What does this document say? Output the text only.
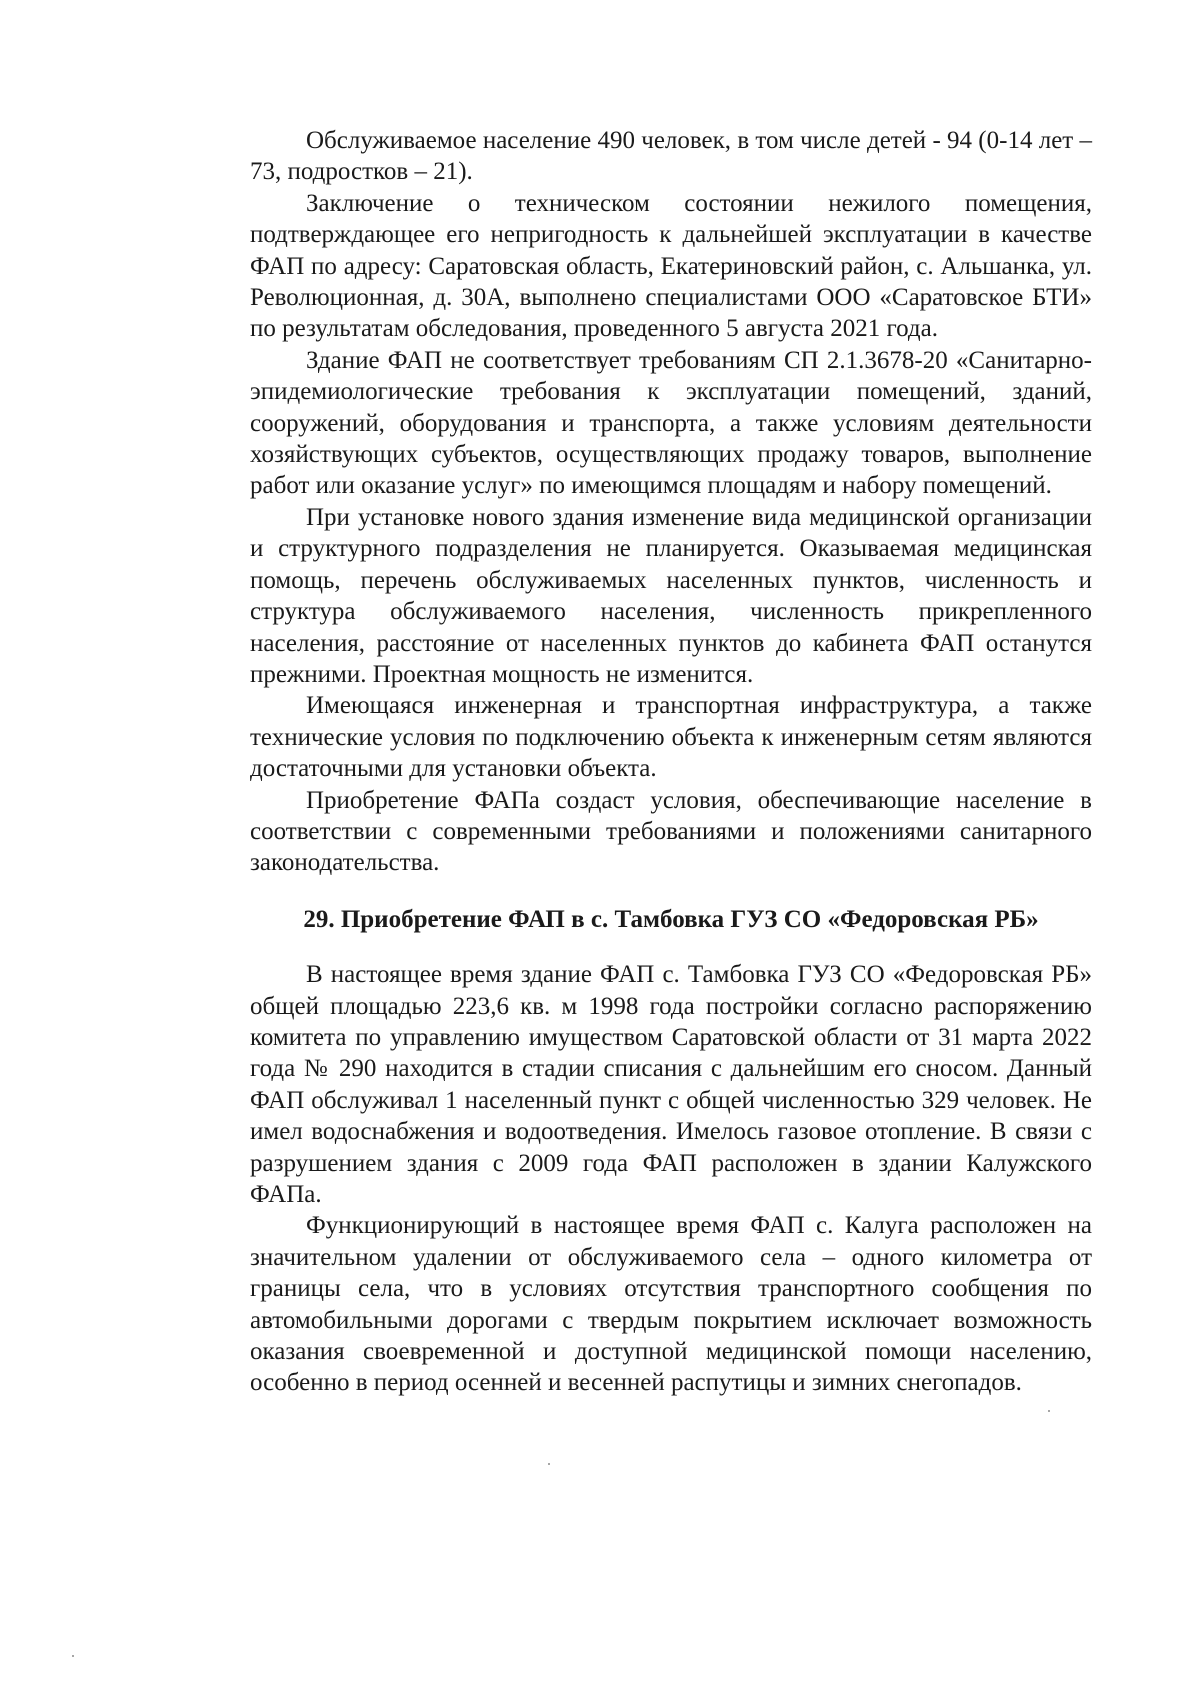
Обслуживаемое население 490 человек, в том числе детей - 94 (0-14 лет – 73, подростков – 21).

Заключение о техническом состоянии нежилого помещения, подтверждающее его непригодность к дальнейшей эксплуатации в качестве ФАП по адресу: Саратовская область, Екатериновский район, с. Альшанка, ул. Революционная, д. 30А, выполнено специалистами ООО «Саратовское БТИ» по результатам обследования, проведенного 5 августа 2021 года.

Здание ФАП не соответствует требованиям СП 2.1.3678-20 «Санитарно-эпидемиологические требования к эксплуатации помещений, зданий, сооружений, оборудования и транспорта, а также условиям деятельности хозяйствующих субъектов, осуществляющих продажу товаров, выполнение работ или оказание услуг» по имеющимся площадям и набору помещений.

При установке нового здания изменение вида медицинской организации и структурного подразделения не планируется. Оказываемая медицинская помощь, перечень обслуживаемых населенных пунктов, численность и структура обслуживаемого населения, численность прикрепленного населения, расстояние от населенных пунктов до кабинета ФАП останутся прежними. Проектная мощность не изменится.

Имеющаяся инженерная и транспортная инфраструктура, а также технические условия по подключению объекта к инженерным сетям являются достаточными для установки объекта.

Приобретение ФАПа создаст условия, обеспечивающие население в соответствии с современными требованиями и положениями санитарного законодательства.

29. Приобретение ФАП в с. Тамбовка ГУЗ СО «Федоровская РБ»

В настоящее время здание ФАП с. Тамбовка ГУЗ СО «Федоровская РБ» общей площадью 223,6 кв. м 1998 года постройки согласно распоряжению комитета по управлению имуществом Саратовской области от 31 марта 2022 года № 290 находится в стадии списания с дальнейшим его сносом. Данный ФАП обслуживал 1 населенный пункт с общей численностью 329 человек. Не имел водоснабжения и водоотведения. Имелось газовое отопление. В связи с разрушением здания с 2009 года ФАП расположен в здании Калужского ФАПа.

Функционирующий в настоящее время ФАП с. Калуга расположен на значительном удалении от обслуживаемого села – одного километра от границы села, что в условиях отсутствия транспортного сообщения по автомобильными дорогами с твердым покрытием исключает возможность оказания своевременной и доступной медицинской помощи населению, особенно в период осенней и весенней распутицы и зимних снегопадов.
